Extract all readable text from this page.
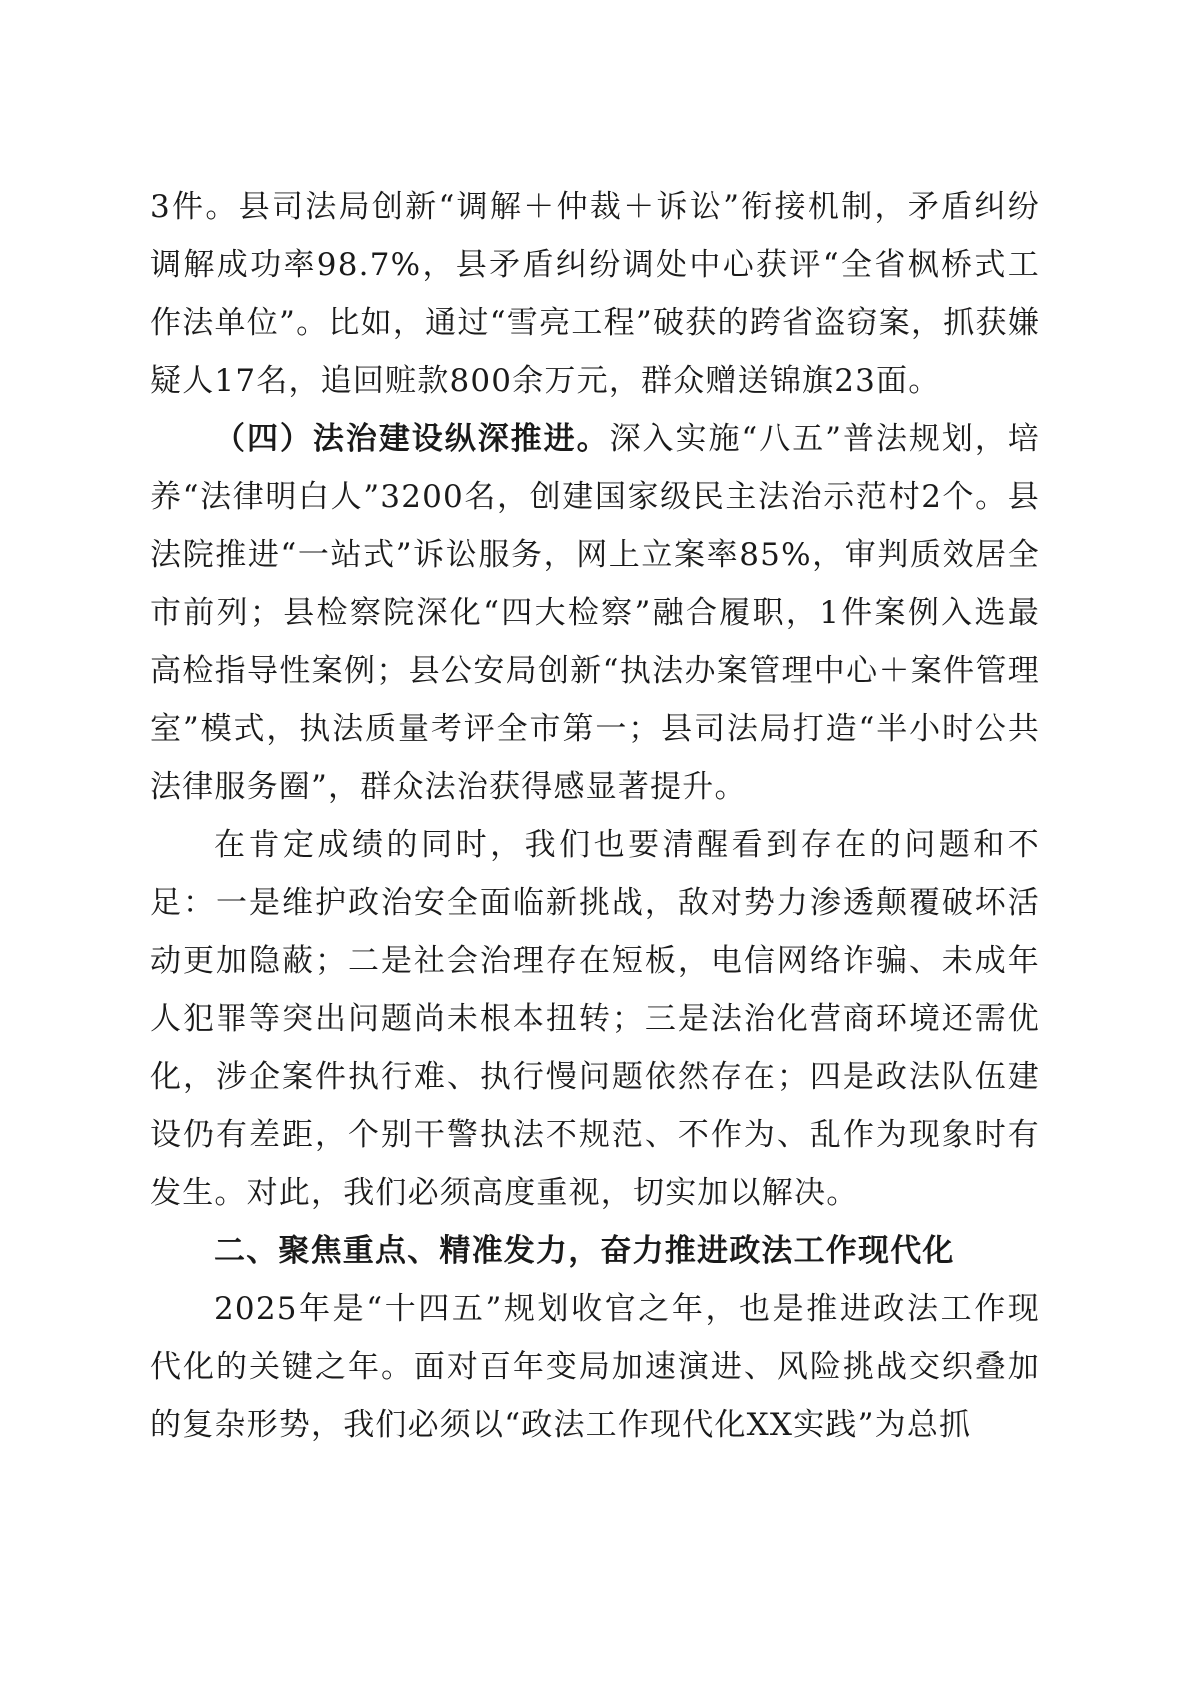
3件。县司法局创新“调解＋仲裁＋诉讼”衔接机制，矛盾纠纷调解成功率98.7%，县矛盾纠纷调处中心获评“全省枫桥式工作法单位”。比如，通过“雪亮工程”破获的跨省盗窃案，抓获嫌疑人17名，追回赃款800余万元，群众赠送锦旗23面。

（四）法治建设纵深推进。深入实施“八五”普法规划，培养“法律明白人”3200名，创建国家级民主法治示范村2个。县法院推进“一站式”诉讼服务，网上立案率85%，审判质效居全市前列；县检察院深化“四大检察”融合履职，1件案例入选最高检指导性案例；县公安局创新“执法办案管理中心＋案件管理室”模式，执法质量考评全市第一；县司法局打造“半小时公共法律服务圈”，群众法治获得感显著提升。

在肯定成绩的同时，我们也要清醒看到存在的问题和不足：一是维护政治安全面临新挑战，敌对势力渗透颠覆破坏活动更加隐蔽；二是社会治理存在短板，电信网络诈骗、未成年人犯罪等突出问题尚未根本扭转；三是法治化营商环境还需优化，涉企案件执行难、执行慢问题依然存在；四是政法队伍建设仍有差距，个别干警执法不规范、不作为、乱作为现象时有发生。对此，我们必须高度重视，切实加以解决。

二、聚焦重点、精准发力，奋力推进政法工作现代化

2025年是“十四五”规划收官之年，也是推进政法工作现代化的关键之年。面对百年变局加速演进、风险挑战交织叠加的复杂形势，我们必须以“政法工作现代化XX实践”为总抓
